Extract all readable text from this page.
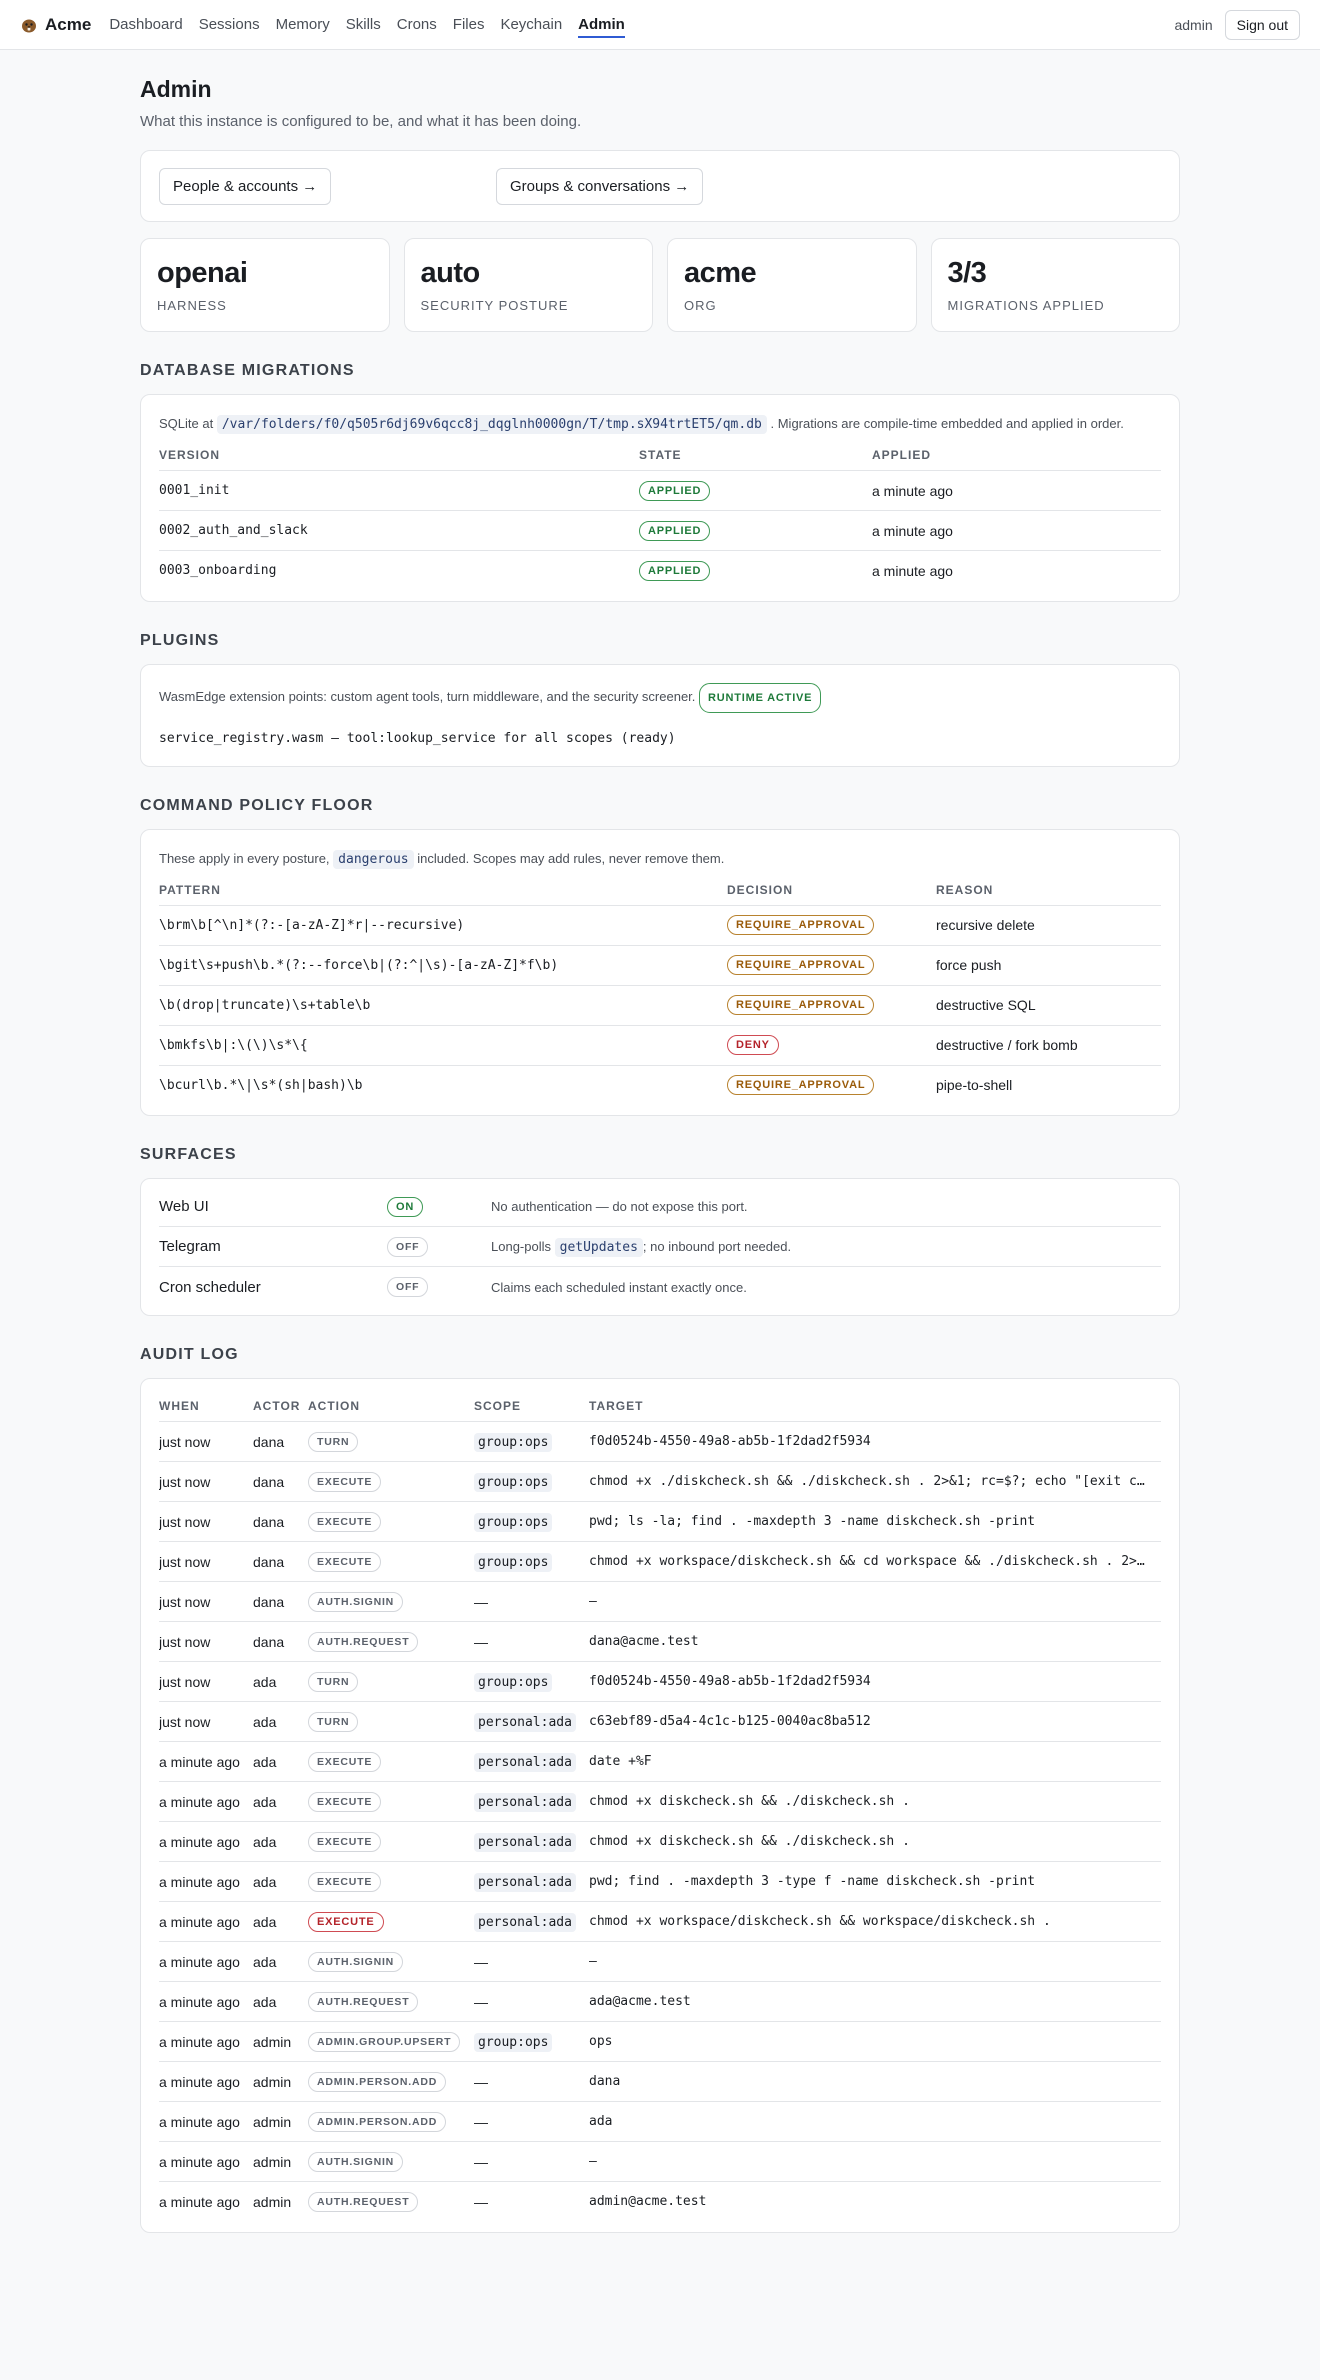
Acme Dashboard Sessions Memory Skills Crons Files Keychain Admin	admin	Sign out
Admin

What this instance is configured to be, and what it has been doing.

People & accounts →	Groups & conversations →
openai
HARNESS
auto
SECURITY POSTURE
acme
ORG
3/3
MIGRATIONS APPLIED
DATABASE MIGRATIONS

SQLite at /var/folders/f0/q505r6dj69v6qcc8j_dqglnh0000gn/T/tmp.sX94trtET5/qm.db . Migrations are compile-time embedded and applied in order.

VERSION	STATE	APPLIED
0001_init	APPLIED	a minute ago
0002_auth_and_slack	APPLIED	a minute ago
0003_onboarding	APPLIED	a minute ago
PLUGINS

WasmEdge extension points: custom agent tools, turn middleware, and the security screener. RUNTIME ACTIVE

service_registry.wasm — tool:lookup_service for all scopes (ready)

COMMAND POLICY FLOOR

These apply in every posture, dangerous included. Scopes may add rules, never remove them.

PATTERN	DECISION	REASON
\brm\b[^\n]*(?:-[a-zA-Z]*r|--recursive)	REQUIRE_APPROVAL	recursive delete
\bgit\s+push\b.*(?:--force\b|(?:^|\s)-[a-zA-Z]*f\b)	REQUIRE_APPROVAL	force push
\b(drop|truncate)\s+table\b	REQUIRE_APPROVAL	destructive SQL
\bmkfs\b|:\(\)\s*\{	DENY	destructive / fork bomb
\bcurl\b.*\|\s*(sh|bash)\b	REQUIRE_APPROVAL	pipe-to-shell
SURFACES
Web UI	ON	No authentication — do not expose this port.
Telegram	OFF	Long-polls getUpdates ; no inbound port needed.
Cron scheduler	OFF	Claims each scheduled instant exactly once.
AUDIT LOG
WHEN	ACTOR	ACTION	SCOPE	TARGET
just now	dana	TURN	group:ops	f0d0524b-4550-49a8-ab5b-1f2dad2f5934
just now	dana	EXECUTE	group:ops	chmod +x ./diskcheck.sh && ./diskcheck.sh . 2>&1; rc=$?; echo "[exit c…
just now	dana	EXECUTE	group:ops	pwd; ls -la; find . -maxdepth 3 -name diskcheck.sh -print
just now	dana	EXECUTE	group:ops	chmod +x workspace/diskcheck.sh && cd workspace && ./diskcheck.sh . 2>…
just now	dana	AUTH.SIGNIN	—	—
just now	dana	AUTH.REQUEST	—	dana@acme.test
just now	ada	TURN	group:ops	f0d0524b-4550-49a8-ab5b-1f2dad2f5934
just now	ada	TURN	personal:ada	c63ebf89-d5a4-4c1c-b125-0040ac8ba512
a minute ago	ada	EXECUTE	personal:ada	date +%F
a minute ago	ada	EXECUTE	personal:ada	chmod +x diskcheck.sh && ./diskcheck.sh .
a minute ago	ada	EXECUTE	personal:ada	chmod +x diskcheck.sh && ./diskcheck.sh .
a minute ago	ada	EXECUTE	personal:ada	pwd; find . -maxdepth 3 -type f -name diskcheck.sh -print
a minute ago	ada	EXECUTE	personal:ada	chmod +x workspace/diskcheck.sh && workspace/diskcheck.sh .
a minute ago	ada	AUTH.SIGNIN	—	—
a minute ago	ada	AUTH.REQUEST	—	ada@acme.test
a minute ago	admin	ADMIN.GROUP.UPSERT	group:ops	ops
a minute ago	admin	ADMIN.PERSON.ADD	—	dana
a minute ago	admin	ADMIN.PERSON.ADD	—	ada
a minute ago	admin	AUTH.SIGNIN	—	—
a minute ago	admin	AUTH.REQUEST	—	admin@acme.test
